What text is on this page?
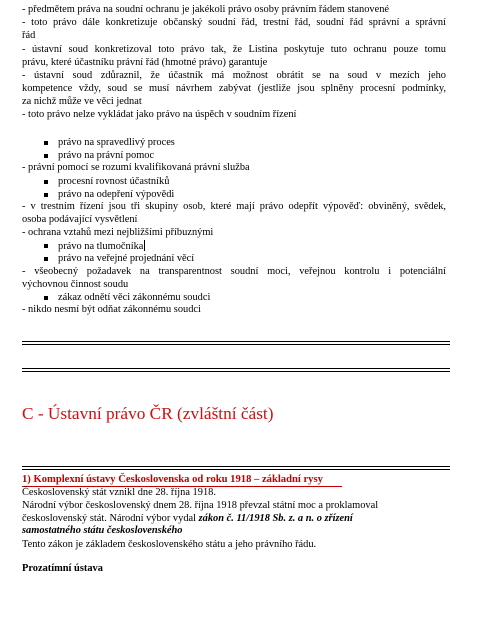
- předmětem práva na soudní ochranu je jakékoli právo osoby právním řádem stanovené
- toto právo dále konkretizuje občanský soudní řád, trestní řád, soudní řád správní a správní
řád
- ústavní soud konkretizoval toto právo tak, že Listina poskytuje tuto ochranu pouze tomu
právu, které účastníku právní řád (hmotné právo) garantuje
- ústavní soud zdůraznil, že účastník má možnost obrátit se na soud v mezích jeho
kompetence vždy, soud se musí návrhem zabývat (jestliže jsou splněny procesní podmínky,
za nichž může ve věci jednat
- toto právo nelze vykládat jako právo na úspěch v soudním řízení
právo na spravedlivý proces
právo na právní pomoc
- právní pomocí se rozumí kvalifikovaná právní služba
procesní rovnost účastníků
právo na odepření výpovědi
- v trestním řízení jsou tři skupiny osob, které mají právo odepřít výpověď: obviněný, svědek,
osoba podávající vysvětlení
- ochrana vztahů mezi nejbližšími příbuznými
právo na tlumočníka
právo na veřejné projednání věcí
- všeobecný požadavek na transparentnost soudní moci, veřejnou kontrolu i potenciální
výchovnou činnost soudu
zákaz odnětí věci zákonnému soudci
- nikdo nesmí být odňat zákonnému soudci
C - Ústavní právo ČR (zvláštní část)
1) Komplexní ústavy Československa od roku 1918 – základní rysy
Československý stát vznikl dne 28. října 1918.
Národní výbor československý dnem 28. října 1918 převzal státní moc a proklamoval
československý stát. Národní výbor vydal zákon č. 11/1918 Sb. z. a n. o zřízení
samostatného státu československého
Tento zákon je základem československého státu a jeho právního řádu.
Prozatímní ústava
